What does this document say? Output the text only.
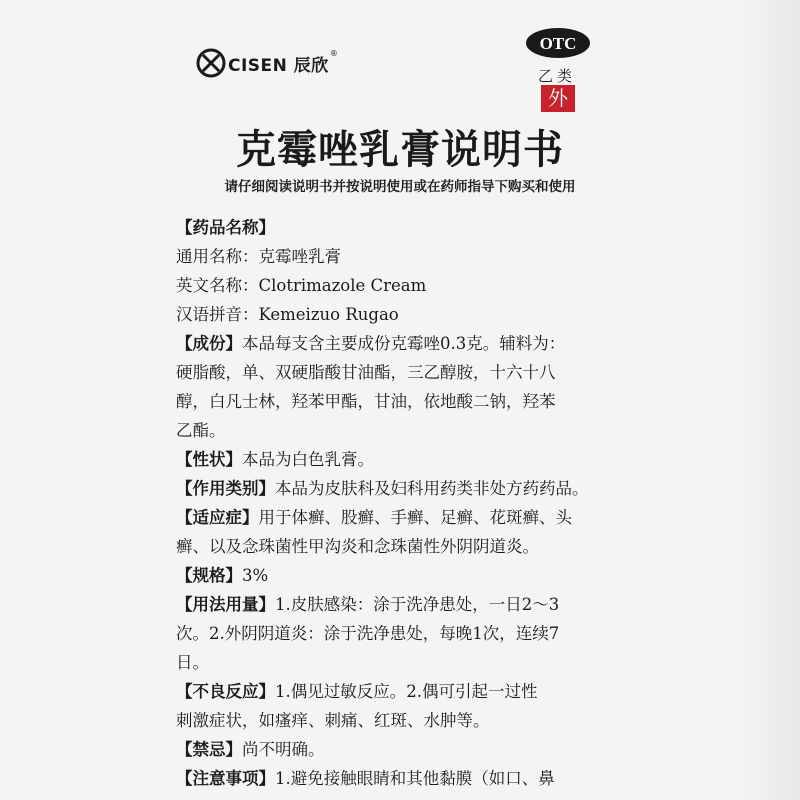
CISEN 辰欣
®	OTC
乙类
外
克霉唑乳膏说明书
请仔细阅读说明书并按说明使用或在药师指导下购买和使用
【药品名称】
通用名称：克霉唑乳膏
英文名称：Clotrimazole Cream
汉语拼音：Kemeizuo Rugao
【成份】本品每支含主要成份克霉唑0.3克。辅料为：
硬脂酸，单、双硬脂酸甘油酯，三乙醇胺，十六十八
醇，白凡士林，羟苯甲酯，甘油，依地酸二钠，羟苯
乙酯。
【性状】本品为白色乳膏。
【作用类别】本品为皮肤科及妇科用药类非处方药药品。
【适应症】用于体癣、股癣、手癣、足癣、花斑癣、头
癣、以及念珠菌性甲沟炎和念珠菌性外阴阴道炎。
【规格】3%
【用法用量】1.皮肤感染：涂于洗净患处，一日2～3
次。2.外阴阴道炎：涂于洗净患处，每晚1次，连续7
日。
【不良反应】1.偶见过敏反应。2.偶可引起一过性
刺激症状，如瘙痒、刺痛、红斑、水肿等。
【禁忌】尚不明确。
【注意事项】1.避免接触眼睛和其他黏膜（如口、鼻
